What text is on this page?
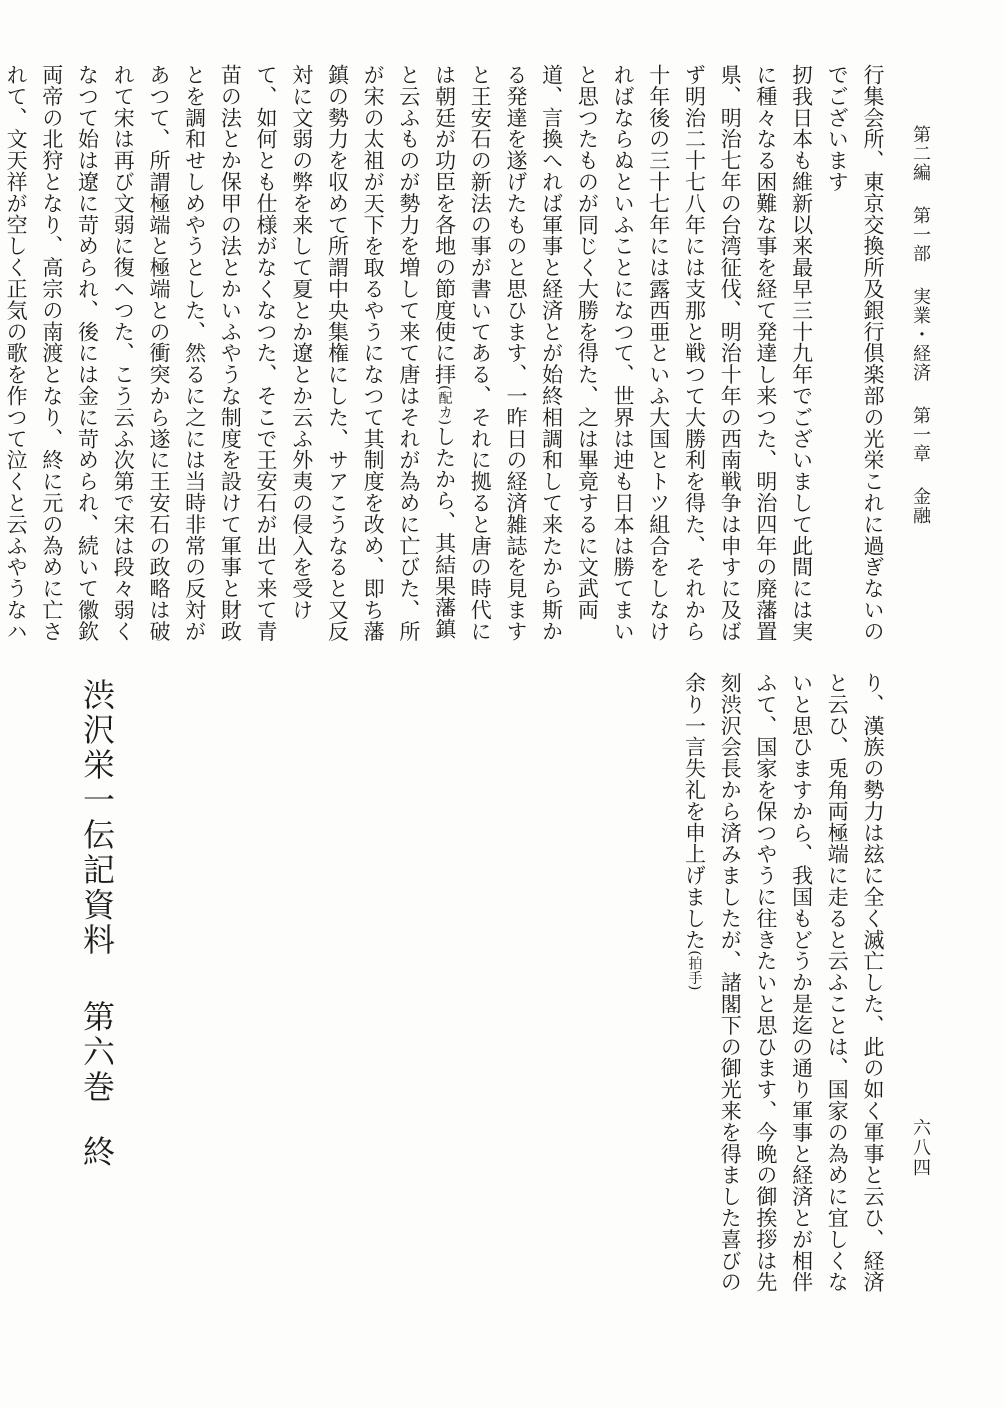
第二編第一部実業・経済第一章金融
六八四

行集会所、東京交換所及銀行倶楽部の光栄これに過ぎないのでございます

扨我日本も維新以来最早三十九年でございまして此間には実に種々なる困難な事を経て発達し来つた、明治四年の廃藩置県、明治七年の台湾征伐、明治十年の西南戦争は申すに及ばず明治二十七八年には支那と戦つて大勝利を得た、それから十年後の三十七年には露西亜といふ大国とトツ組合をしなければならぬといふことになつて、世界は迚も日本は勝てまいと思つたものが同じく大勝を得た、之は畢竟するに文武両道、言換へれば軍事と経済とが始終相調和して来たから斯かる発達を遂げたものと思ひます、一昨日の経済雑誌を見ますと王安石の新法の事が書いてある、それに拠ると唐の時代には朝廷が功臣を各地の節度使に拝(配カ)したから、其結果藩鎮と云ふものが勢力を増して来て唐はそれが為めに亡びた、所が宋の太祖が天下を取るやうになつて其制度を改め、即ち藩鎮の勢力を収めて所謂中央集権にした、サアこうなると又反対に文弱の弊を来して夏とか遼とか云ふ外夷の侵入を受けて、如何とも仕様がなくなつた、そこで王安石が出て来て青苗の法とか保甲の法とかいふやうな制度を設けて軍事と財政とを調和せしめやうとした、然るに之には当時非常の反対があつて、所謂極端と極端との衝突から遂に王安石の政略は破れて宋は再び文弱に復へつた、こう云ふ次第で宋は段々弱くなつて始は遼に苛められ、後には金に苛められ、続いて徽欽両帝の北狩となり、高宗の南渡となり、終に元の為めに亡されて、文天祥が空しく正気の歌を作つて泣くと云ふやうなハ

り、漢族の勢力は玆に全く滅亡した、此の如く軍事と云ひ、経済と云ひ、兎角両極端に走ると云ふことは、国家の為めに宜しくないと思ひますから、我国もどうか是迄の通り軍事と経済とが相伴ふて、国家を保つやうに往きたいと思ひます、今晩の御挨拶は先刻渋沢会長から済みましたが、諸閣下の御光来を得ました喜びの余り一言失礼を申上げました(拍手)

渋沢栄一伝記資料第六巻終
